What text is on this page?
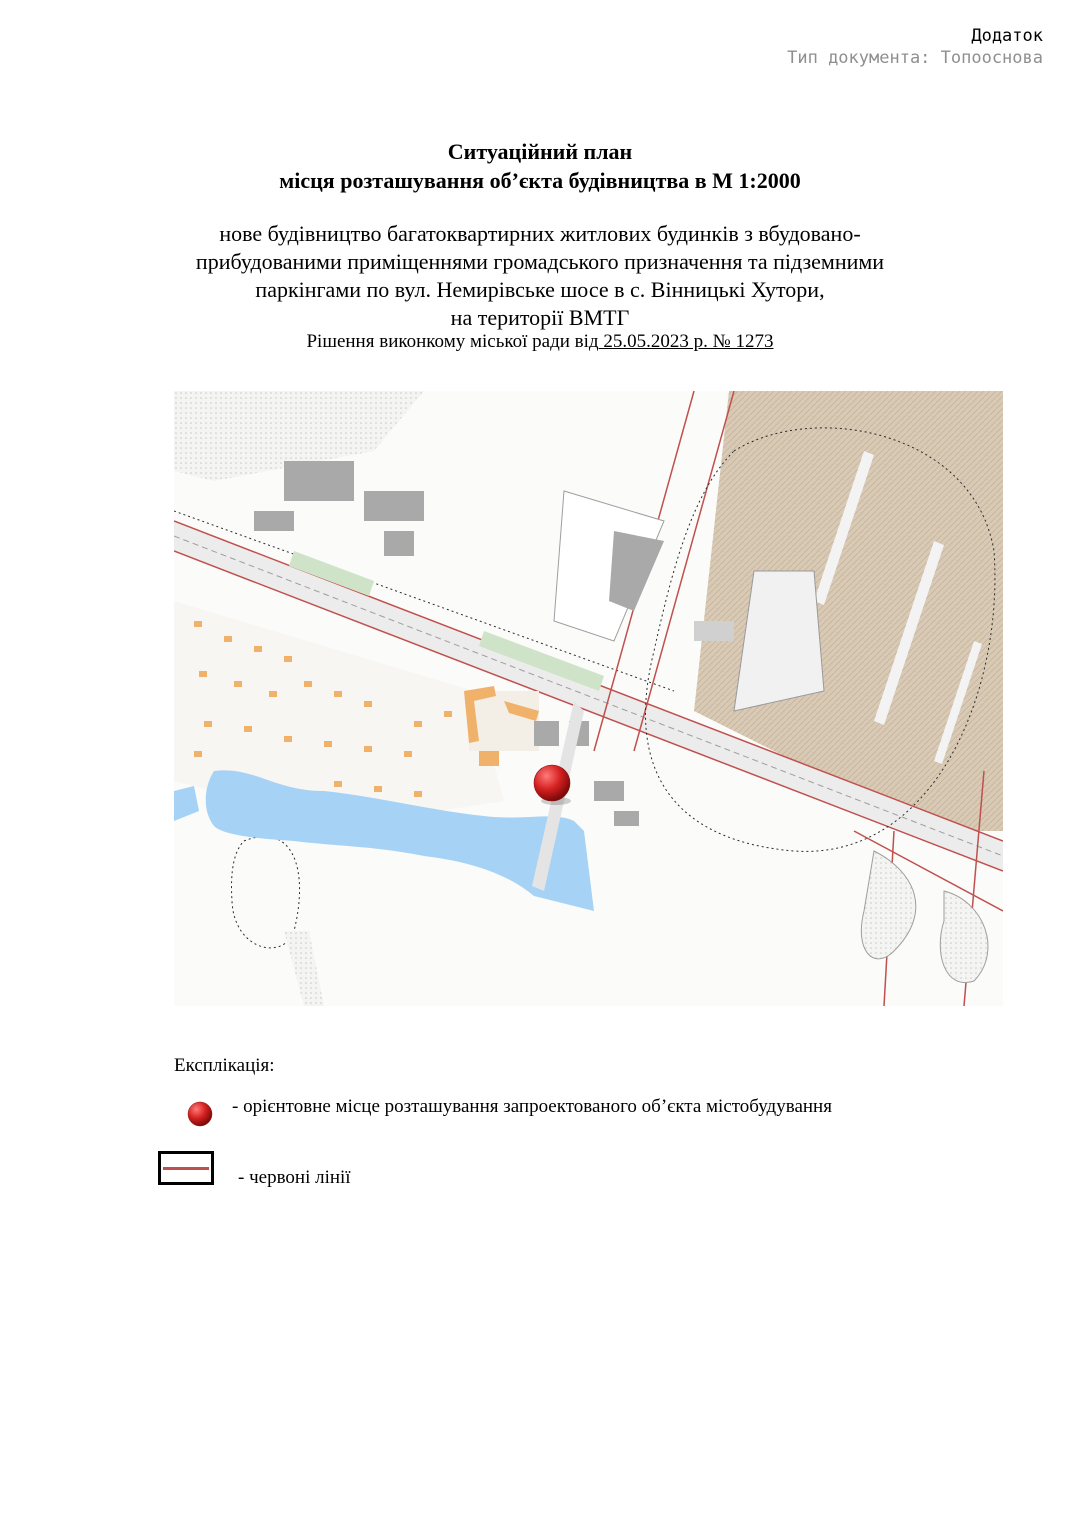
Додаток
Тип документа: Топооснова
Ситуаційний план
місця розташування об’єкта будівництва в М 1:2000
нове будівництво багатоквартирних житлових будинків з вбудовано-
прибудованими приміщеннями громадського призначення та підземними
паркінгами по вул. Немирівське шосе в с. Вінницькі Хутори,
на території ВМТГ
Рішення виконкому міської ради від 25.05.2023 р. № 1273
Експлікація:
- орієнтовне місце розташування запроектованого об’єкта містобудування
- червоні лінії
